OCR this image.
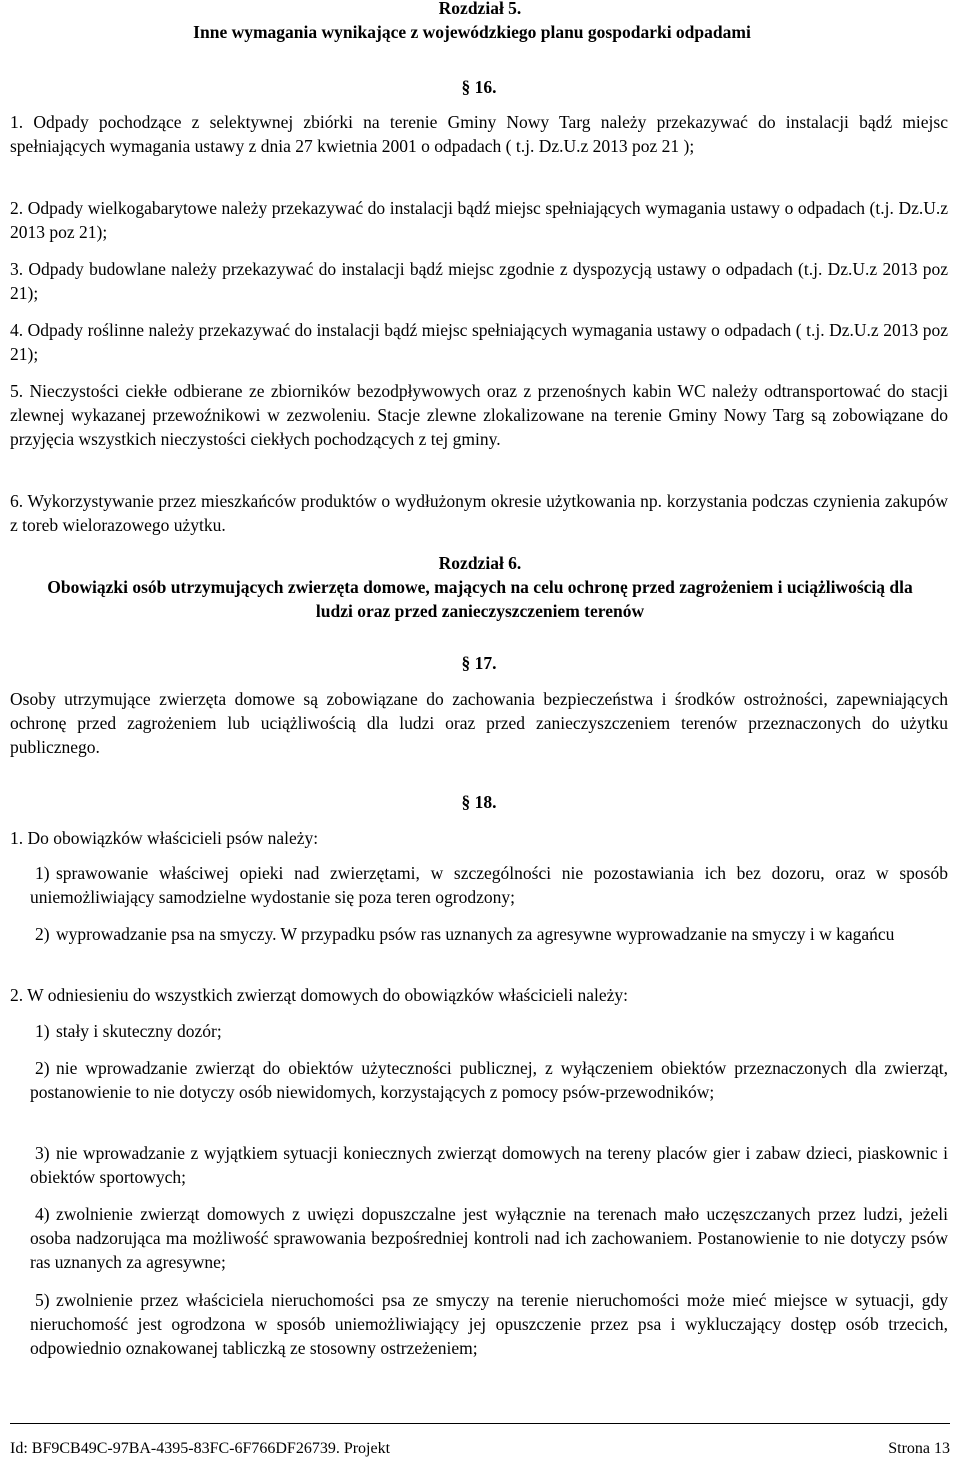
Rozdział 5.
Inne wymagania wynikające z wojewódzkiego planu gospodarki odpadami
§ 16.
1. Odpady pochodzące z selektywnej zbiórki na terenie Gminy Nowy Targ należy przekazywać do instalacji bądź miejsc spełniających wymagania ustawy z dnia 27 kwietnia 2001 o odpadach ( t.j. Dz.U.z 2013 poz 21 );
2. Odpady wielkogabarytowe należy przekazywać do instalacji bądź miejsc spełniających wymagania ustawy o odpadach (t.j. Dz.U.z 2013 poz 21);
3. Odpady budowlane należy przekazywać do instalacji bądź miejsc zgodnie z dyspozycją ustawy o odpadach (t.j. Dz.U.z 2013 poz 21);
4. Odpady roślinne należy przekazywać do instalacji bądź miejsc spełniających wymagania ustawy o odpadach ( t.j. Dz.U.z 2013 poz 21);
5. Nieczystości ciekłe odbierane ze zbiorników bezodpływowych oraz z przenośnych kabin WC należy odtransportować do stacji zlewnej wykazanej przewoźnikowi w zezwoleniu. Stacje zlewne zlokalizowane na terenie Gminy Nowy Targ są zobowiązane do przyjęcia wszystkich nieczystości ciekłych pochodzących z tej gminy.
6. Wykorzystywanie przez mieszkańców produktów o wydłużonym okresie użytkowania np. korzystania podczas czynienia zakupów z toreb wielorazowego użytku.
Rozdział 6.
Obowiązki osób utrzymujących zwierzęta domowe, mających na celu ochronę przed zagrożeniem i uciążliwością dla ludzi oraz przed zanieczyszczeniem terenów
§ 17.
Osoby utrzymujące zwierzęta domowe są zobowiązane do zachowania bezpieczeństwa i środków ostrożności, zapewniających ochronę przed zagrożeniem lub uciążliwością dla ludzi oraz przed zanieczyszczeniem terenów przeznaczonych do użytku publicznego.
§ 18.
1. Do obowiązków właścicieli psów należy:
1) sprawowanie właściwej opieki nad zwierzętami, w szczególności nie pozostawiania ich bez dozoru, oraz w sposób uniemożliwiający samodzielne wydostanie się poza teren ogrodzony;
2) wyprowadzanie psa na smyczy. W przypadku psów ras uznanych za agresywne wyprowadzanie na smyczy i w kagańcu
2. W odniesieniu do wszystkich zwierząt domowych do obowiązków właścicieli należy:
1) stały i skuteczny dozór;
2) nie wprowadzanie zwierząt do obiektów użyteczności publicznej, z wyłączeniem obiektów przeznaczonych dla zwierząt, postanowienie to nie dotyczy osób niewidomych, korzystających z pomocy psów-przewodników;
3) nie wprowadzanie z wyjątkiem sytuacji koniecznych zwierząt domowych na tereny placów gier i zabaw dzieci, piaskownic i obiektów sportowych;
4) zwolnienie zwierząt domowych z uwięzi dopuszczalne jest wyłącznie na terenach mało uczęszczanych przez ludzi, jeżeli osoba nadzorująca ma możliwość sprawowania bezpośredniej kontroli nad ich zachowaniem. Postanowienie to nie dotyczy psów ras uznanych za agresywne;
5) zwolnienie przez właściciela nieruchomości psa ze smyczy na terenie nieruchomości może mieć miejsce w sytuacji, gdy nieruchomość jest ogrodzona w sposób uniemożliwiający jej opuszczenie przez psa i wykluczający dostęp osób trzecich, odpowiednio oznakowanej tabliczką ze stosowny ostrzeżeniem;
Id: BF9CB49C-97BA-4395-83FC-6F766DF26739. Projekt	Strona 13
